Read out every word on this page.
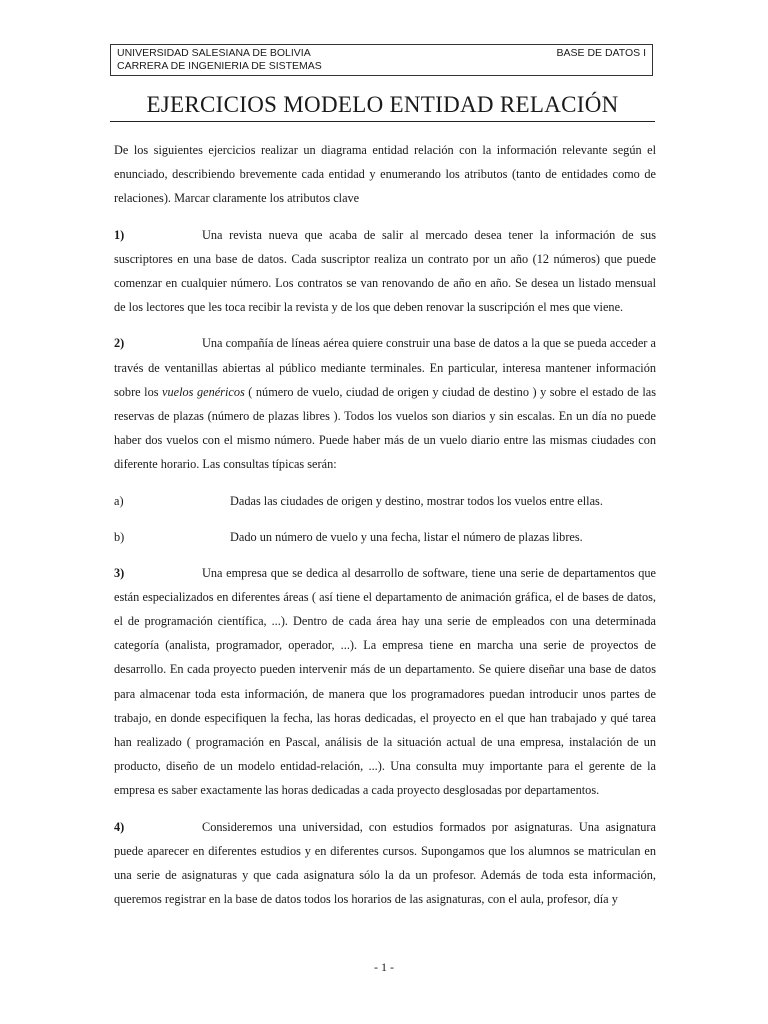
UNIVERSIDAD SALESIANA DE BOLIVIA	BASE DE DATOS I
CARRERA DE INGENIERIA DE SISTEMAS
EJERCICIOS MODELO ENTIDAD RELACIÓN

De los siguientes ejercicios realizar un diagrama entidad relación con la información relevante según el enunciado, describiendo brevemente cada entidad y enumerando los atributos (tanto de entidades como de relaciones). Marcar claramente los atributos clave

1)	Una revista nueva que acaba de salir al mercado desea tener la información de sus suscriptores en una base de datos. Cada suscriptor realiza un contrato por un año (12 números) que puede comenzar en cualquier número. Los contratos se van renovando de año en año. Se desea un listado mensual de los lectores que les toca recibir la revista y de los que deben renovar la suscripción el mes que viene.

2)	Una compañía de líneas aérea quiere construir una base de datos a la que se pueda acceder a través de ventanillas abiertas al público mediante terminales. En particular, interesa mantener información sobre los vuelos genéricos ( número de vuelo, ciudad de origen y ciudad de destino ) y sobre el estado de las reservas de plazas (número de plazas libres ). Todos los vuelos son diarios y sin escalas. En un día no puede haber dos vuelos con el mismo número. Puede haber más de un vuelo diario entre las mismas ciudades con diferente horario. Las consultas típicas serán:

a)	Dadas las ciudades de origen y destino, mostrar todos los vuelos entre ellas.
b)	Dado un número de vuelo y una fecha, listar el número de plazas libres.

3)	Una empresa que se dedica al desarrollo de software, tiene una serie de departamentos que están especializados en diferentes áreas ( así tiene el departamento de animación gráfica, el de bases de datos, el de programación científica, ...). Dentro de cada área hay una serie de empleados con una determinada categoría (analista, programador, operador, ...). La empresa tiene en marcha una serie de proyectos de desarrollo. En cada proyecto pueden intervenir más de un departamento. Se quiere diseñar una base de datos para almacenar toda esta información, de manera que los programadores puedan introducir unos partes de trabajo, en donde especifiquen la fecha, las horas dedicadas, el proyecto en el que han trabajado y qué tarea han realizado ( programación en Pascal, análisis de la situación actual de una empresa, instalación de un producto, diseño de un modelo entidad-relación, ...). Una consulta muy importante para el gerente de la empresa es saber exactamente las horas dedicadas a cada proyecto desglosadas por departamentos.

4)	Consideremos una universidad, con estudios formados por asignaturas. Una asignatura puede aparecer en diferentes estudios y en diferentes cursos. Supongamos que los alumnos se matriculan en una serie de asignaturas y que cada asignatura sólo la da un profesor. Además de toda esta información, queremos registrar en la base de datos todos los horarios de las asignaturas, con el aula, profesor, día y

- 1 -
